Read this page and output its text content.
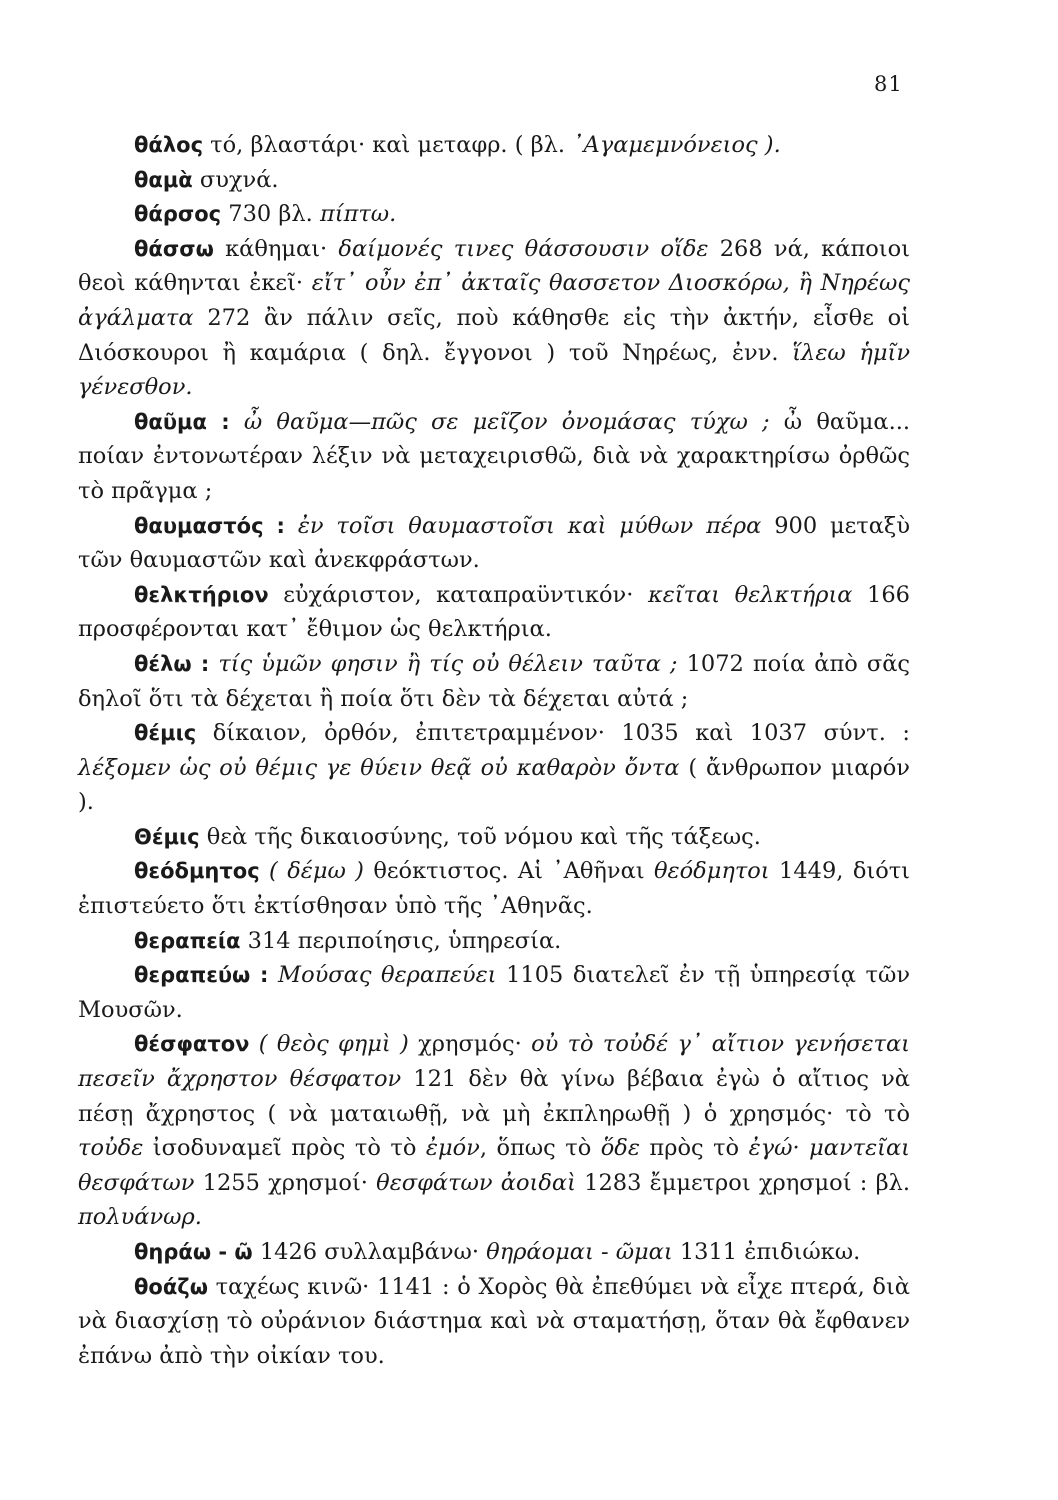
81

θάλος τό, βλαστάρι· καὶ μεταφρ. ( βλ. ᾿Αγαμεμνόνειος ).

θαμὰ συχνά.

θάρσος 730 βλ. πίπτω.

θάσσω κάθημαι· δαίμονές τινες θάσσουσιν οἵδε 268 νά, κάποιοι θεοὶ κάθηνται ἐκεῖ· εἴτ᾿ οὖν ἐπ᾿ ἀκταῖς θασσετον Διοσκόρω, ἢ Νηρέως ἀγάλματα 272 ἂν πάλιν σεῖς, ποὺ κάθησθε εἰς τὴν ἀκτήν, εἶσθε οἱ Διόσκουροι ἢ καμάρια ( δηλ. ἔγγονοι ) τοῦ Νηρέως, ἐνν. ἵλεω ἡμῖν γένεσθον.

θαῦμα : ὦ θαῦμα—πῶς σε μεῖζον ὀνομάσας τύχω ; ὦ θαῦμα... ποίαν ἐντονωτέραν λέξιν νὰ μεταχειρισθῶ, διὰ νὰ χαρακτηρίσω ὀρθῶς τὸ πρᾶγμα ;

θαυμαστός : ἐν τοῖσι θαυμαστοῖσι καὶ μύθων πέρα 900 μεταξὺ τῶν θαυμαστῶν καὶ ἀνεκφράστων.

θελκτήριον εὐχάριστον, καταπραϋντικόν· κεῖται θελκτήρια 166 προσφέρονται κατ᾿ ἔθιμον ὡς θελκτήρια.

θέλω : τίς ὑμῶν φησιν ἢ τίς οὐ θέλειν ταῦτα ; 1072 ποία ἀπὸ σᾶς δηλοῖ ὅτι τὰ δέχεται ἢ ποία ὅτι δὲν τὰ δέχεται αὐτά ;

θέμις δίκαιον, ὀρθόν, ἐπιτετραμμένον· 1035 καὶ 1037 σύντ. : λέξομεν ὡς οὐ θέμις γε θύειν θεᾷ οὐ καθαρὸν ὄντα ( ἄνθρωπον μιαρόν ).

Θέμις θεὰ τῆς δικαιοσύνης, τοῦ νόμου καὶ τῆς τάξεως.

θεόδμητος ( δέμω ) θεόκτιστος. Αἱ ᾿Αθῆναι θεόδμητοι 1449, διότι ἐπιστεύετο ὅτι ἐκτίσθησαν ὑπὸ τῆς ᾿Αθηνᾶς.

θεραπεία 314 περιποίησις, ὑπηρεσία.

θεραπεύω : Μούσας θεραπεύει 1105 διατελεῖ ἐν τῇ ὑπηρεσίᾳ τῶν Μουσῶν.

θέσφατον ( θεὸς φημὶ ) χρησμός· οὐ τὸ τοὐδέ γ᾿ αἴτιον γενήσεται πεσεῖν ἄχρηστον θέσφατον 121 δὲν θὰ γίνω βέβαια ἐγὼ ὁ αἴτιος νὰ πέσῃ ἄχρηστος ( νὰ ματαιωθῇ, νὰ μὴ ἐκπληρωθῇ ) ὁ χρησμός· τὸ τὸ τοὐδε ἰσοδυναμεῖ πρὸς τὸ τὸ ἐμόν, ὅπως τὸ ὅδε πρὸς τὸ ἐγώ· μαντεῖαι θεσφάτων 1255 χρησμοί· θεσφάτων ἀοιδαὶ 1283 ἔμμετροι χρησμοί : βλ. πολυάνωρ.

θηράω - ῶ 1426 συλλαμβάνω· θηράομαι - ῶμαι 1311 ἐπιδιώκω.

θοάζω ταχέως κινῶ· 1141 : ὁ Χορὸς θὰ ἐπεθύμει νὰ εἶχε πτερά, διὰ νὰ διασχίσῃ τὸ οὐράνιον διάστημα καὶ νὰ σταματήσῃ, ὅταν θὰ ἔφθανεν ἐπάνω ἀπὸ τὴν οἰκίαν του.
